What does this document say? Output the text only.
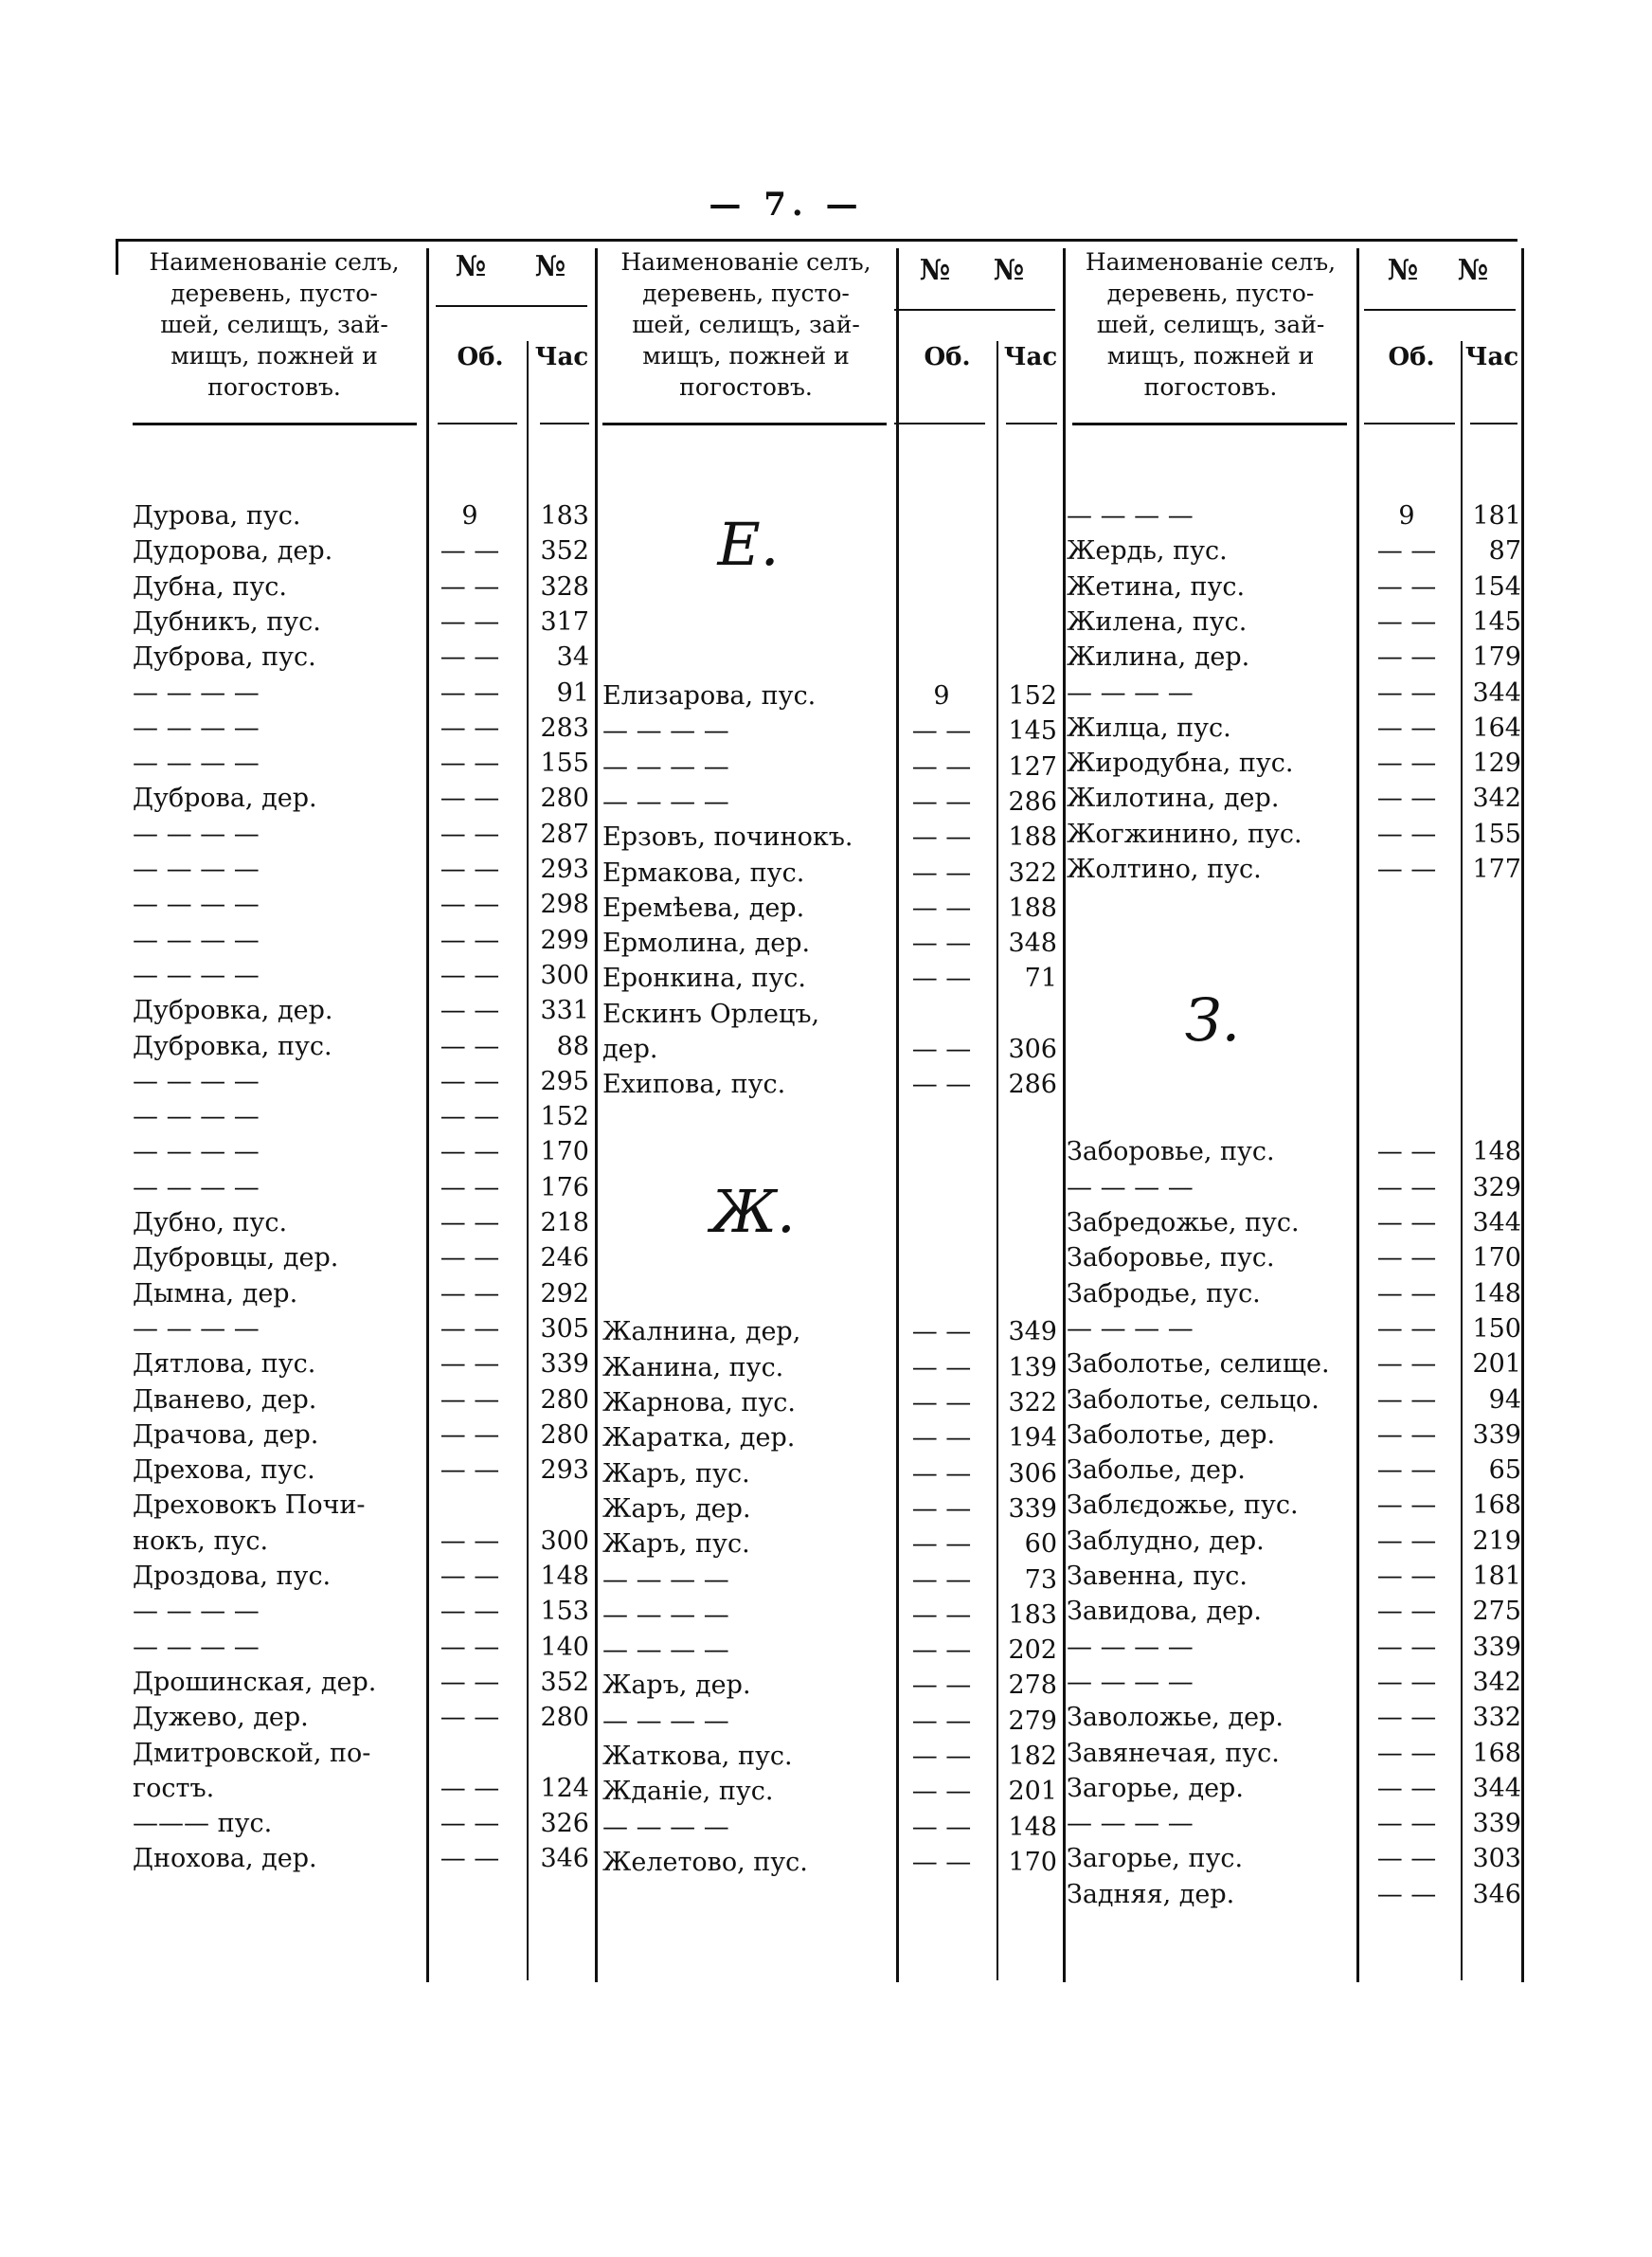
— 7. —
Наименованіе селъ,
деревень, пусто-
шей, селищъ, зай-
мищъ, пожней и
погостовъ.
№	№
Об.	Час
Наименованіе селъ,
деревень, пусто-
шей, селищъ, зай-
мищъ, пожней и
погостовъ.
№	№
Об.	Час
Наименованіе селъ,
деревень, пусто-
шей, селищъ, зай-
мищъ, пожней и
погостовъ.
№	№
Об.	Час
Е.
Ж.
З.
Дурова, пус.	9	183
Дудорова, дер.	— —	352
Дубна, пус.	— —	328
Дубникъ, пус.	— —	317
Дуброва, пус.	— —	34
— — — —	— —	91
— — — —	— —	283
— — — —	— —	155
Дуброва, дер.	— —	280
— — — —	— —	287
— — — —	— —	293
— — — —	— —	298
— — — —	— —	299
— — — —	— —	300
Дубровка, дер.	— —	331
Дубровка, пус.	— —	88
— — — —	— —	295
— — — —	— —	152
— — — —	— —	170
— — — —	— —	176
Дубно, пус.	— —	218
Дубровцы, дер.	— —	246
Дымна, дер.	— —	292
— — — —	— —	305
Дятлова, пус.	— —	339
Дванево, дер.	— —	280
Драчова, дер.	— —	280
Дрехова, пус.	— —	293
Дреховокъ Почи-
нокъ, пус.	— —	300
Дроздова, пус.	— —	148
— — — —	— —	153
— — — —	— —	140
Дрошинская, дер.	— —	352
Дужево, дер.	— —	280
Дмитровской, по-
гостъ.	— —	124
——— пус.	— —	326
Днохова, дер.	— —	346
Елизарова, пус.	9	152
— — — —	— —	145
— — — —	— —	127
— — — —	— —	286
Ерзовъ, починокъ.	— —	188
Ермакова, пус.	— —	322
Еремѣева, дер.	— —	188
Ермолина, дер.	— —	348
Еронкина, пус.	— —	71
Ескинъ Орлецъ,
дер.	— —	306
Ехипова, пус.	— —	286
Жалнина, дер,	— —	349
Жанина, пус.	— —	139
Жарнова, пус.	— —	322
Жаратка, дер.	— —	194
Жаръ, пус.	— —	306
Жаръ, дер.	— —	339
Жаръ, пус.	— —	60
— — — —	— —	73
— — — —	— —	183
— — — —	— —	202
Жаръ, дер.	— —	278
— — — —	— —	279
Жаткова, пус.	— —	182
Жданіе, пус.	— —	201
— — — —	— —	148
Желетово, пус.	— —	170
— — — —	9	181
Жердь, пус.	— —	87
Жетина, пус.	— —	154
Жилена, пус.	— —	145
Жилина, дер.	— —	179
— — — —	— —	344
Жилца, пус.	— —	164
Жиродубна, пус.	— —	129
Жилотина, дер.	— —	342
Жогжинино, пус.	— —	155
Жолтино, пус.	— —	177
Заборовье, пус.	— —	148
— — — —	— —	329
Забредожье, пус.	— —	344
Заборовье, пус.	— —	170
Забродье, пус.	— —	148
— — — —	— —	150
Заболотье, селище.	— —	201
Заболотье, сельцо.	— —	94
Заболотье, дер.	— —	339
Заболье, дер.	— —	65
Заблєдожье, пус.	— —	168
Заблудно, дер.	— —	219
Завенна, пус.	— —	181
Завидова, дер.	— —	275
— — — —	— —	339
— — — —	— —	342
Заволожье, дер.	— —	332
Завянечая, пус.	— —	168
Загорье, дер.	— —	344
— — — —	— —	339
Загорье, пус.	— —	303
Задняя, дер.	— —	346
